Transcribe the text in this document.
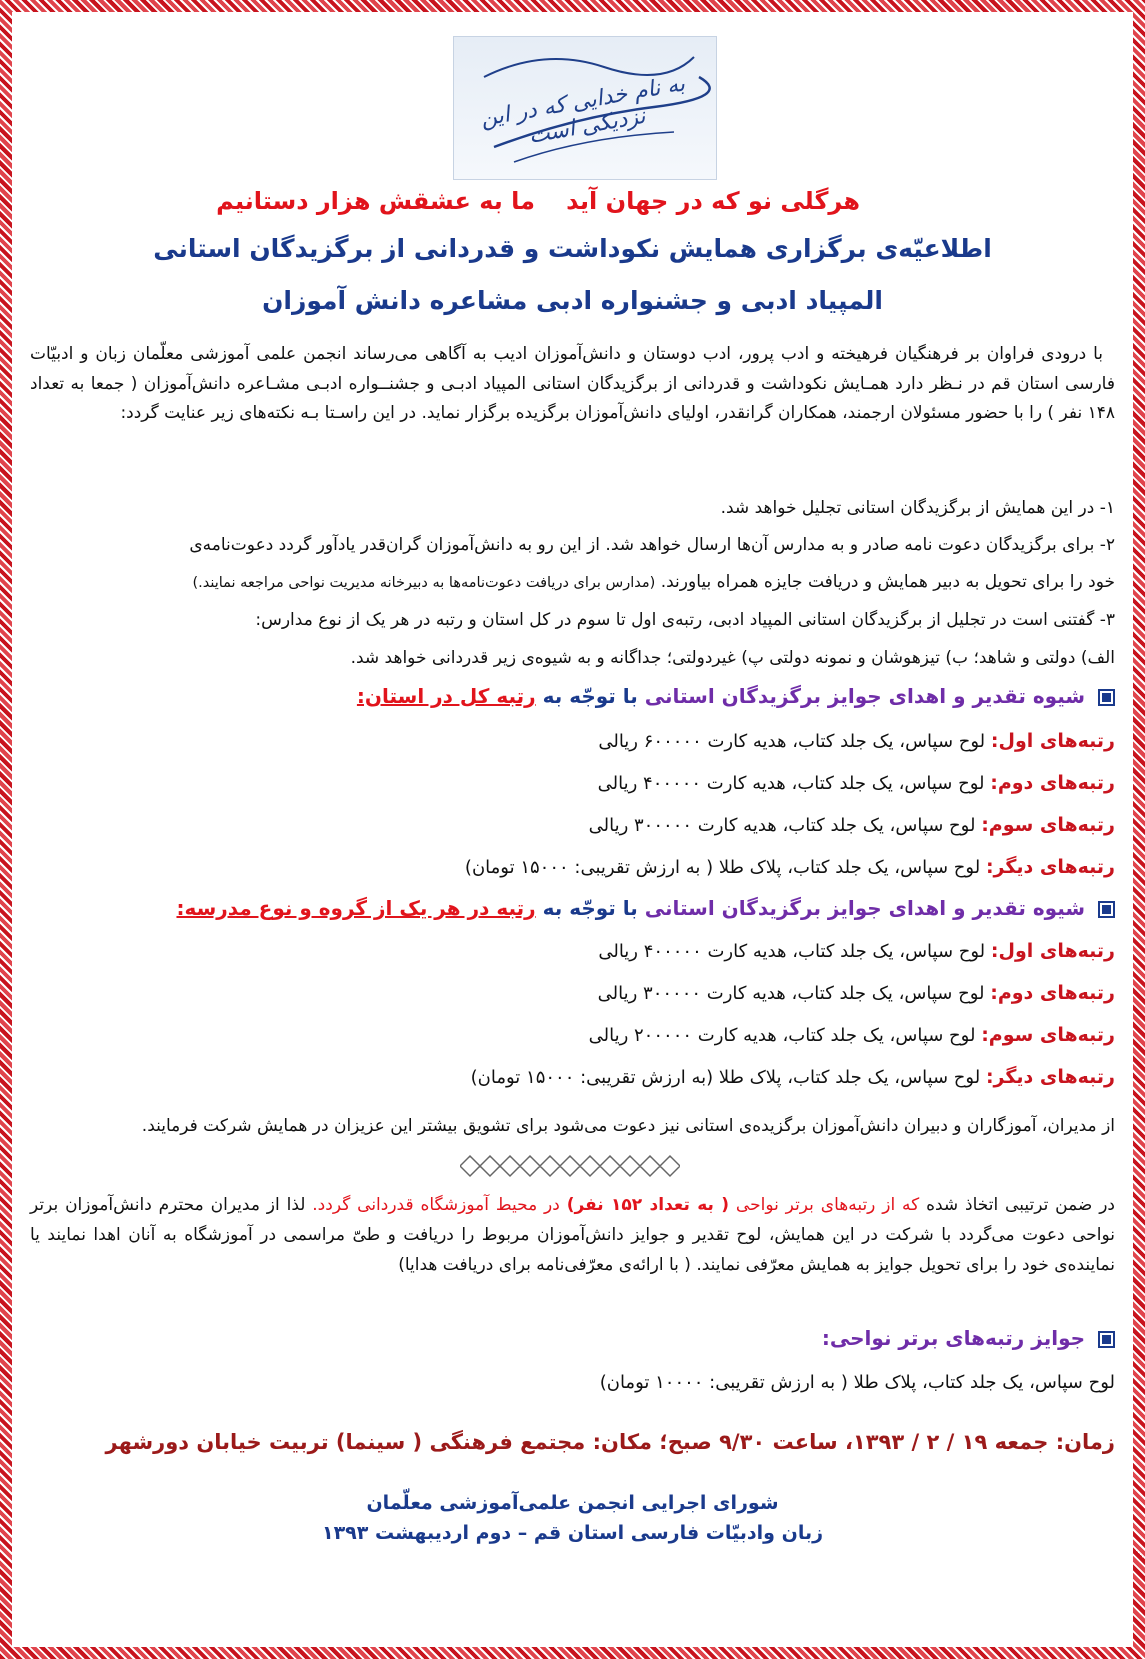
به نام خدایی که در این نزدیکی است
هرگلی نو که در جهان آید
ما به عشقش هزار دستانیم
اطلاعیّه‌ی برگزاری همایش نکوداشت و قدردانی از برگزیدگان استانی
المپیاد ادبی و جشنواره ادبی مشاعره دانش آموزان
با درودی فراوان بر فرهنگیان فرهیخته و ادب پرور، ادب دوستان و دانش‌آموزان ادیب به آگاهی می‌رساند انجمن علمی آموزشی معلّمان زبان و ادبیّات فارسی استان قم در نـظر دارد همـایش نکوداشت و قدردانی از برگزیدگان استانی المپیاد ادبـی و جشنــواره ادبـی مشـاعره دانش‌آموزان ( جمعا به تعداد ۱۴۸ نفر ) را با حضور مسئولان ارجمند، همکاران گرانقدر، اولیای دانش‌آموزان برگزیده برگزار نماید. در این راسـتا بـه نکته‌های زیر عنایت گردد:
۱- در این همایش از برگزیدگان استانی تجلیل خواهد شد.
۲- برای برگزیدگان دعوت نامه صادر و به مدارس آن‌ها ارسال خواهد شد. از این رو به دانش‌آموزان گران‌قدر یادآور گردد دعوت‌نامه‌ی
خود را برای تحویل به دبیر همایش و دریافت جایزه همراه بیاورند. (مدارس برای دریافت دعوت‌نامه‌ها به دبیرخانه مدیریت نواحی مراجعه نمایند.)
۳- گفتنی است در تجلیل از برگزیدگان استانی المپیاد ادبی، رتبه‌ی اول تا سوم در کل استان و رتبه در هر یک از نوع مدارس:
الف) دولتی و شاهد؛ ب) تیزهوشان و نمونه دولتی پ) غیردولتی؛ جداگانه و به شیوه‌ی زیر قدردانی خواهد شد.
شیوه تقدیر و اهدای جوایز برگزیدگان استانی با توجّه به رتبه کل در استان:
رتبه‌های اول: لوح سپاس، یک جلد کتاب، هدیه کارت ۶۰۰۰۰۰ ریالی
رتبه‌های دوم: لوح سپاس، یک جلد کتاب، هدیه کارت ۴۰۰۰۰۰ ریالی
رتبه‌های سوم: لوح سپاس، یک جلد کتاب، هدیه کارت ۳۰۰۰۰۰ ریالی
رتبه‌های دیگر: لوح سپاس، یک جلد کتاب، پلاک طلا ( به ارزش تقریبی: ۱۵۰۰۰ تومان)
شیوه تقدیر و اهدای جوایز برگزیدگان استانی با توجّه به رتبه در هر یک از گروه و نوع مدرسه:
رتبه‌های اول: لوح سپاس، یک جلد کتاب، هدیه کارت ۴۰۰۰۰۰ ریالی
رتبه‌های دوم: لوح سپاس، یک جلد کتاب، هدیه کارت ۳۰۰۰۰۰ ریالی
رتبه‌های سوم: لوح سپاس، یک جلد کتاب، هدیه کارت ۲۰۰۰۰۰ ریالی
رتبه‌های دیگر: لوح سپاس، یک جلد کتاب، پلاک طلا (به ارزش تقریبی: ۱۵۰۰۰ تومان)
از مدیران، آموزگاران و دبیران دانش‌آموزان برگزیده‌ی استانی نیز دعوت می‌شود برای تشویق بیشتر این عزیزان در همایش شرکت فرمایند.
در ضمن ترتیبی اتخاذ شده که از رتبه‌های برتر نواحی ( به تعداد ۱۵۲ نفر) در محیط آموزشگاه قدردانی گردد. لذا از مدیران محترم دانش‌آموزان برتر نواحی دعوت می‌گردد با شرکت در این همایش، لوح تقدیر و جوایز دانش‌آموزان مربوط را دریافت و طیّ مراسمی در آموزشگاه به آنان اهدا نمایند یا نماینده‌ی خود را برای تحویل جوایز به همایش معرّفی نمایند. ( با ارائه‌ی معرّفی‌نامه برای دریافت هدایا)
جوایز رتبه‌های برتر نواحی:
لوح سپاس، یک جلد کتاب، پلاک طلا ( به ارزش تقریبی: ۱۰۰۰۰ تومان)
زمان: جمعه ۱۹ / ۲ / ۱۳۹۳، ساعت ۹/۳۰ صبح؛ مکان: مجتمع فرهنگی ( سینما) تربیت خیابان دورشهر
شورای اجرایی انجمن علمی‌آموزشی معلّمان
زبان وادبیّات فارسی استان قم – دوم اردیبهشت ۱۳۹۳
